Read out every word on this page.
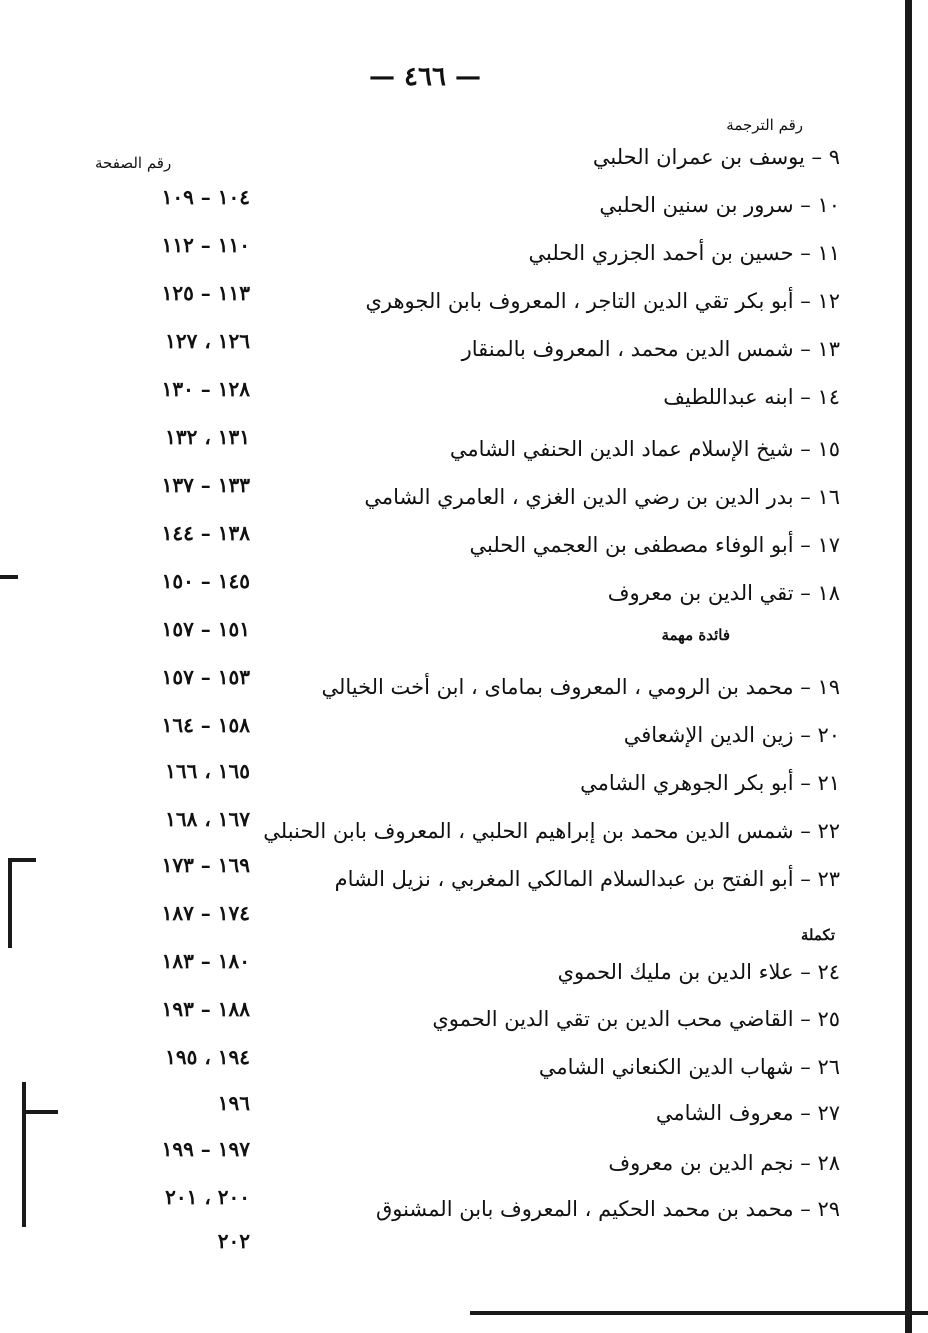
— ٤٦٦ —
رقم الترجمة
رقم الصفحة	٩ – يوسف بن عمران الحلبي
١٠ – سرور بن سنين الحلبي
١١ – حسين بن أحمد الجزري الحلبي
١٢ – أبو بكر تقي الدين التاجر ، المعروف بابن الجوهري
١٣ – شمس الدين محمد ، المعروف بالمنقار
١٤ – ابنه عبداللطيف
١٥ – شيخ الإسلام عماد الدين الحنفي الشامي
١٦ – بدر الدين بن رضي الدين الغزي ، العامري الشامي
١٧ – أبو الوفاء مصطفى بن العجمي الحلبي
١٨ – تقي الدين بن معروف
فائدة مهمة
١٩ – محمد بن الرومي ، المعروف بماماى ، ابن أخت الخيالي
٢٠ – زين الدين الإشعافي
٢١ – أبو بكر الجوهري الشامي
٢٢ – شمس الدين محمد بن إبراهيم الحلبي ، المعروف بابن الحنبلي
٢٣ – أبو الفتح بن عبدالسلام المالكي المغربي ، نزيل الشام
تكملة
٢٤ – علاء الدين بن مليك الحموي
٢٥ – القاضي محب الدين بن تقي الدين الحموي
٢٦ – شهاب الدين الكنعاني الشامي
٢٧ – معروف الشامي
٢٨ – نجم الدين بن معروف
٢٩ – محمد بن محمد الحكيم ، المعروف بابن المشنوق
١٠٤ – ١٠٩
١١٠ – ١١٢
١١٣ – ١٢٥
١٢٦ ، ١٢٧
١٢٨ – ١٣٠
١٣١ ، ١٣٢
١٣٣ – ١٣٧
١٣٨ – ١٤٤
١٤٥ – ١٥٠
١٥١ – ١٥٧
١٥٣ – ١٥٧
١٥٨ – ١٦٤
١٦٥ ، ١٦٦
١٦٧ ، ١٦٨
١٦٩ – ١٧٣
١٧٤ – ١٨٧
١٨٠ – ١٨٣
١٨٨ – ١٩٣
١٩٤ ، ١٩٥
١٩٦
١٩٧ – ١٩٩
٢٠٠ ، ٢٠١
٢٠٢
